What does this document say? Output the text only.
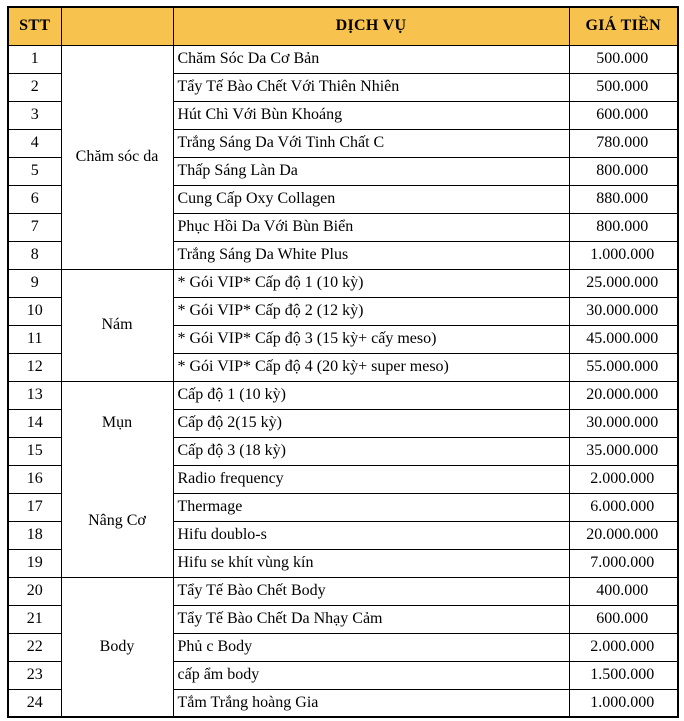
STT		DỊCH VỤ	GIÁ TIỀN
1	Chăm sóc da	Chăm Sóc Da Cơ Bản	500.000
2		Tẩy Tế Bào Chết Với Thiên Nhiên	500.000
3		Hút Chì Với Bùn Khoáng	600.000
4		Trắng Sáng Da Với Tinh Chất C	780.000
5		Thấp Sáng Làn Da	800.000
6		Cung Cấp Oxy Collagen	880.000
7		Phục Hồi Da Với Bùn Biển	800.000
8		Trắng Sáng Da White Plus	1.000.000
9	Nám	* Gói VIP* Cấp độ 1 (10 kỳ)	25.000.000
10		* Gói VIP* Cấp độ 2 (12 kỳ)	30.000.000
11		* Gói VIP* Cấp độ 3 (15 kỳ+ cấy meso)	45.000.000
12		* Gói VIP* Cấp độ 4 (20 kỳ+ super meso)	55.000.000
13	Mụn	Cấp độ 1 (10 kỳ)	20.000.000
14		Cấp độ 2(15 kỳ)	30.000.000
15		Cấp độ 3 (18 kỳ)	35.000.000
16	Nâng Cơ	Radio frequency	2.000.000
17		Thermage	6.000.000
18		Hifu doublo-s	20.000.000
19		Hifu se khít vùng kín	7.000.000
20	Body	Tẩy Tế Bào Chết Body	400.000
21		Tẩy Tế Bào Chết Da Nhạy Cảm	600.000
22		Phủ c Body	2.000.000
23		cấp ẩm body	1.500.000
24		Tắm Trắng hoàng Gia	1.000.000
